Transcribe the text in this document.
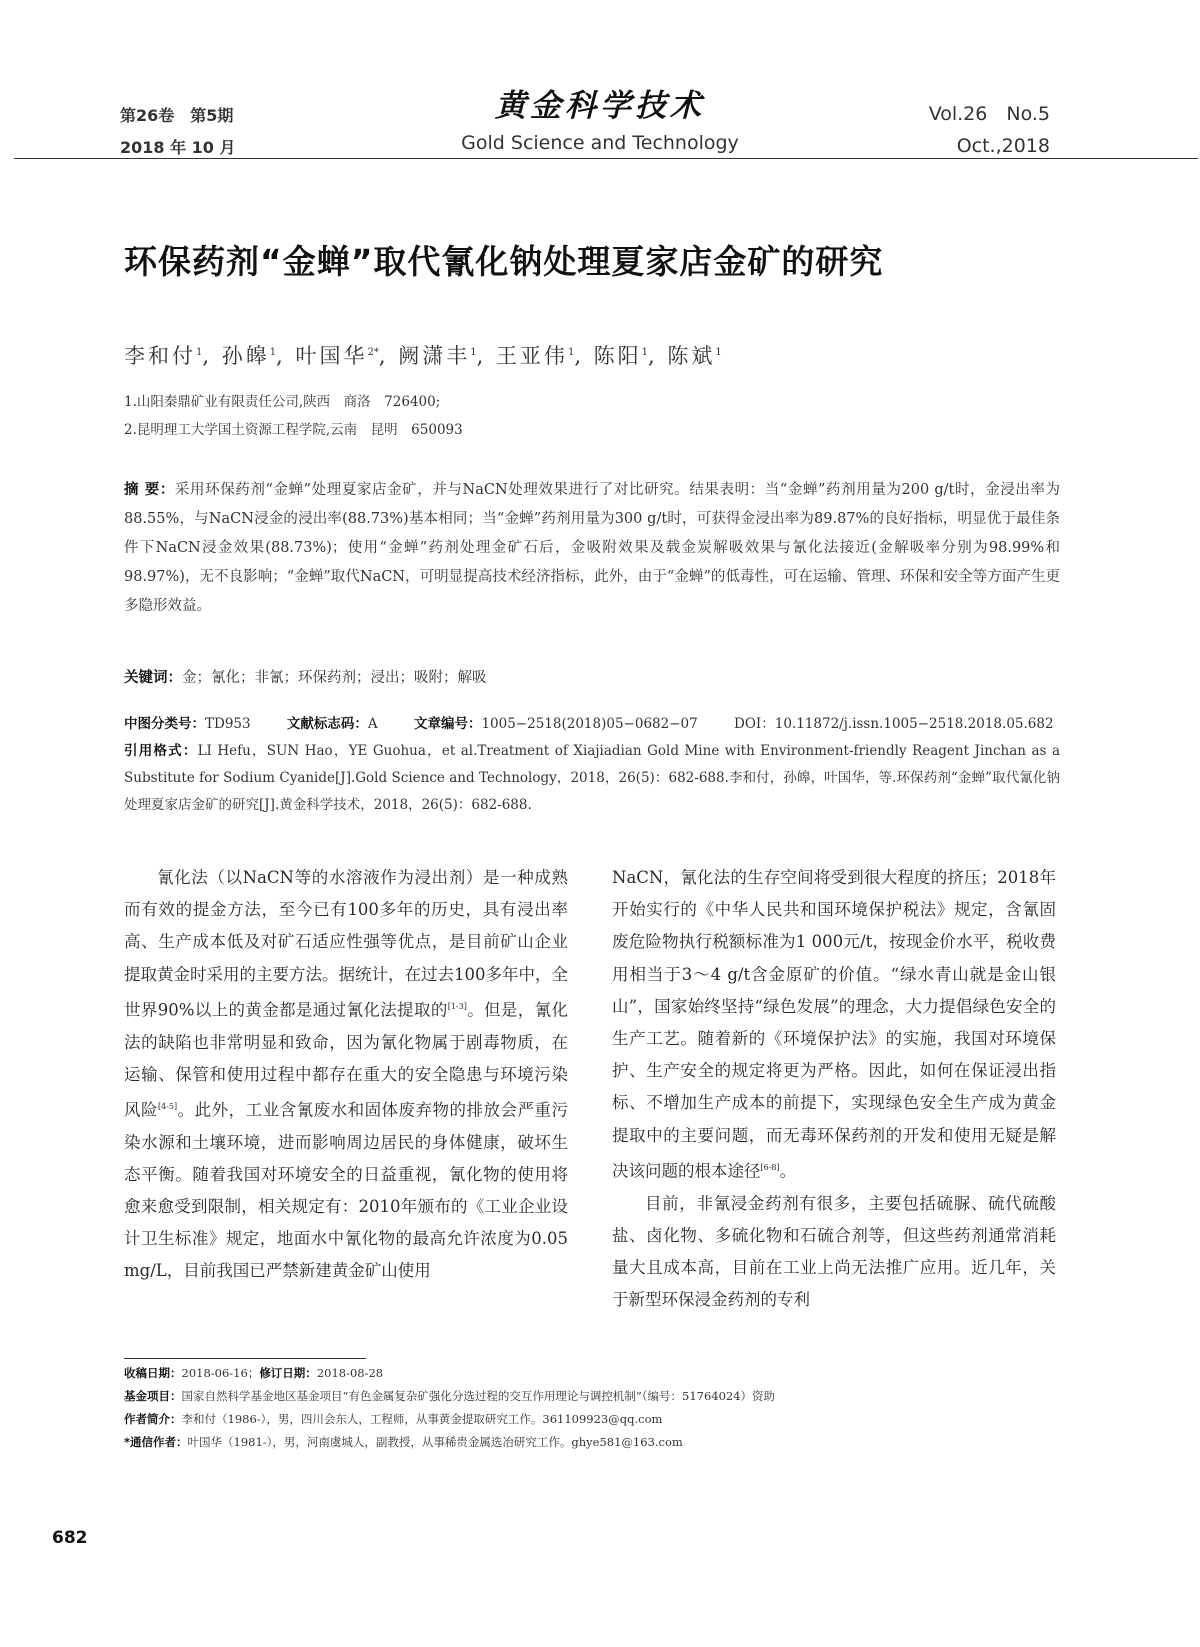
第26卷　第5期
2018 年 10 月
黄金科学技术
Gold Science and Technology
Vol.26　No.5
Oct.,2018
环保药剂“金蝉”取代氰化钠处理夏家店金矿的研究
李和付$^1$, 孙皞$^1$, 叶国华$^{2*}$, 阙潇丰$^1$, 王亚伟$^1$, 陈阳$^1$, 陈斌$^1$
1.山阳秦鼎矿业有限责任公司,陕西　商洛　726400;
2.昆明理工大学国土资源工程学院,云南　昆明　650093
摘 要：采用环保药剂“金蝉”处理夏家店金矿，并与NaCN处理效果进行了对比研究。结果表明：当“金蝉”药剂用量为200 g/t时，金浸出率为88.55%，与NaCN浸金的浸出率(88.73%)基本相同；当“金蝉”药剂用量为300 g/t时，可获得金浸出率为89.87%的良好指标，明显优于最佳条件下NaCN浸金效果(88.73%)；使用“金蝉”药剂处理金矿石后，金吸附效果及载金炭解吸效果与氰化法接近(金解吸率分别为98.99%和98.97%)，无不良影响；“金蝉”取代NaCN，可明显提高技术经济指标，此外，由于“金蝉”的低毒性，可在运输、管理、环保和安全等方面产生更多隐形效益。
关键词：金；氰化；非氰；环保药剂；浸出；吸附；解吸
中图分类号：TD953	文献标志码：A	文章编号：1005−2518(2018)05−0682−07	DOI：10.11872/j.issn.1005−2518.2018.05.682
引用格式：LI Hefu，SUN Hao，YE Guohua，et al.Treatment of Xiajiadian Gold Mine with Environment-friendly Reagent Jinchan as a Substitute for Sodium Cyanide[J].Gold Science and Technology，2018，26(5)：682-688.李和付，孙皞，叶国华，等.环保药剂“金蝉”取代氰化钠处理夏家店金矿的研究[J].黄金科学技术，2018，26(5)：682-688.

氰化法（以NaCN等的水溶液作为浸出剂）是一种成熟而有效的提金方法，至今已有100多年的历史，具有浸出率高、生产成本低及对矿石适应性强等优点，是目前矿山企业提取黄金时采用的主要方法。据统计，在过去100多年中，全世界90%以上的黄金都是通过氰化法提取的[1-3]。但是，氰化法的缺陷也非常明显和致命，因为氰化物属于剧毒物质，在运输、保管和使用过程中都存在重大的安全隐患与环境污染风险[4-5]。此外，工业含氰废水和固体废弃物的排放会严重污染水源和土壤环境，进而影响周边居民的身体健康，破坏生态平衡。随着我国对环境安全的日益重视，氰化物的使用将愈来愈受到限制，相关规定有：2010年颁布的《工业企业设计卫生标准》规定，地面水中氰化物的最高允许浓度为0.05 mg/L，目前我国已严禁新建黄金矿山使用

NaCN，氰化法的生存空间将受到很大程度的挤压；2018年开始实行的《中华人民共和国环境保护税法》规定，含氰固废危险物执行税额标准为1 000元/t，按现金价水平，税收费用相当于3～4 g/t含金原矿的价值。“绿水青山就是金山银山”，国家始终坚持“绿色发展”的理念，大力提倡绿色安全的生产工艺。随着新的《环境保护法》的实施，我国对环境保护、生产安全的规定将更为严格。因此，如何在保证浸出指标、不增加生产成本的前提下，实现绿色安全生产成为黄金提取中的主要问题，而无毒环保药剂的开发和使用无疑是解决该问题的根本途径[6-8]。

目前，非氰浸金药剂有很多，主要包括硫脲、硫代硫酸盐、卤化物、多硫化物和石硫合剂等，但这些药剂通常消耗量大且成本高，目前在工业上尚无法推广应用。近几年，关于新型环保浸金药剂的专利

收稿日期：2018-06-16；修订日期：2018-08-28
基金项目：国家自然科学基金地区基金项目“有色金属复杂矿强化分选过程的交互作用理论与调控机制”（编号：51764024）资助
作者简介：李和付（1986-），男，四川会东人，工程师，从事黄金提取研究工作。361109923@qq.com
*通信作者：叶国华（1981-），男，河南虞城人，副教授，从事稀贵金属选冶研究工作。ghye581@163.com
682
